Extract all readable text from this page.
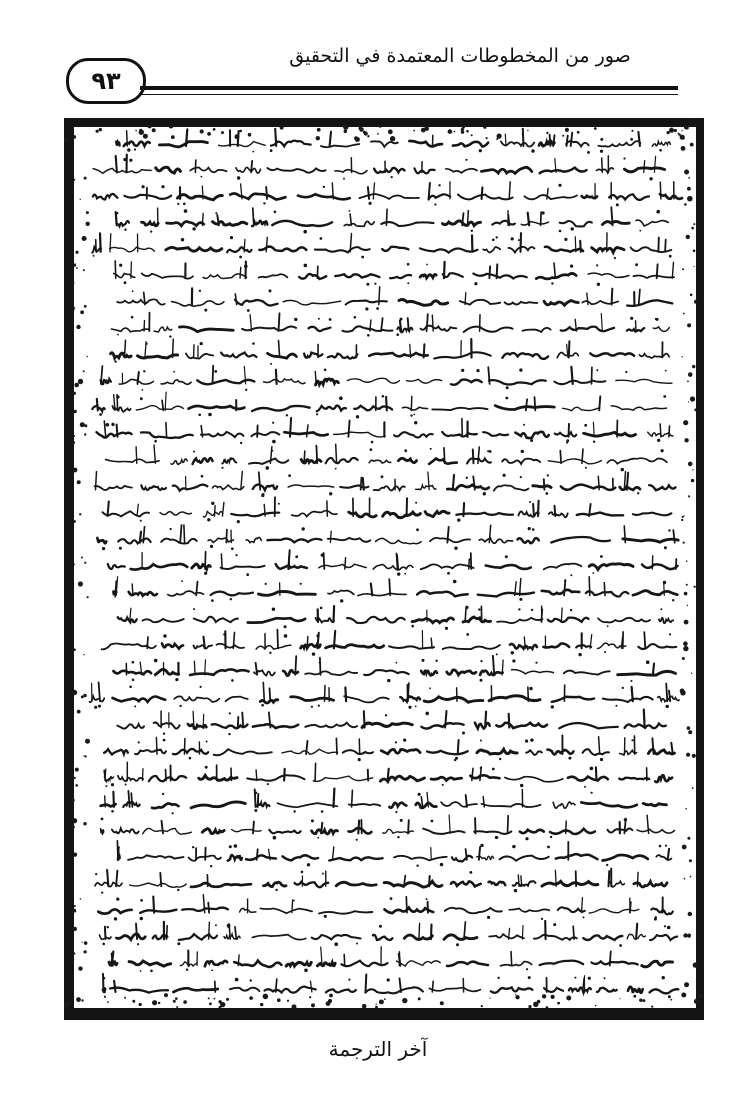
صور من المخطوطات المعتمدة في التحقيق
٩٣
آخر الترجمة
